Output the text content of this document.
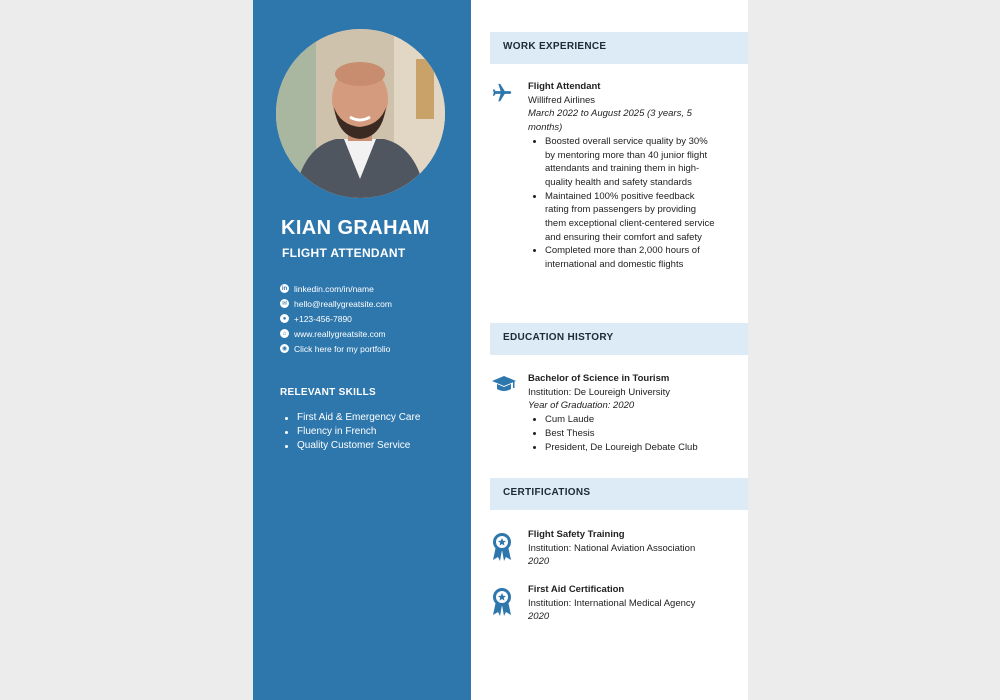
KIAN GRAHAM
FLIGHT ATTENDANT
in linkedin.com/in/name
✉ hello@reallygreatsite.com
● +123-456-7890
⌂ www.reallygreatsite.com
◉ Click here for my portfolio
RELEVANT SKILLS
First Aid & Emergency Care
Fluency in French
Quality Customer Service
WORK EXPERIENCE
Flight Attendant
Willifred Airlines
March 2022 to August 2025 (3 years, 5 months)
• Boosted overall service quality by 30% by mentoring more than 40 junior flight attendants and training them in high-quality health and safety standards
• Maintained 100% positive feedback rating from passengers by providing them exceptional client-centered service and ensuring their comfort and safety
• Completed more than 2,000 hours of international and domestic flights
EDUCATION HISTORY
Bachelor of Science in Tourism
Institution: De Loureigh University
Year of Graduation: 2020
• Cum Laude
• Best Thesis
• President, De Loureigh Debate Club
CERTIFICATIONS
Flight Safety Training
Institution: National Aviation Association
2020
First Aid Certification
Institution: International Medical Agency
2020
